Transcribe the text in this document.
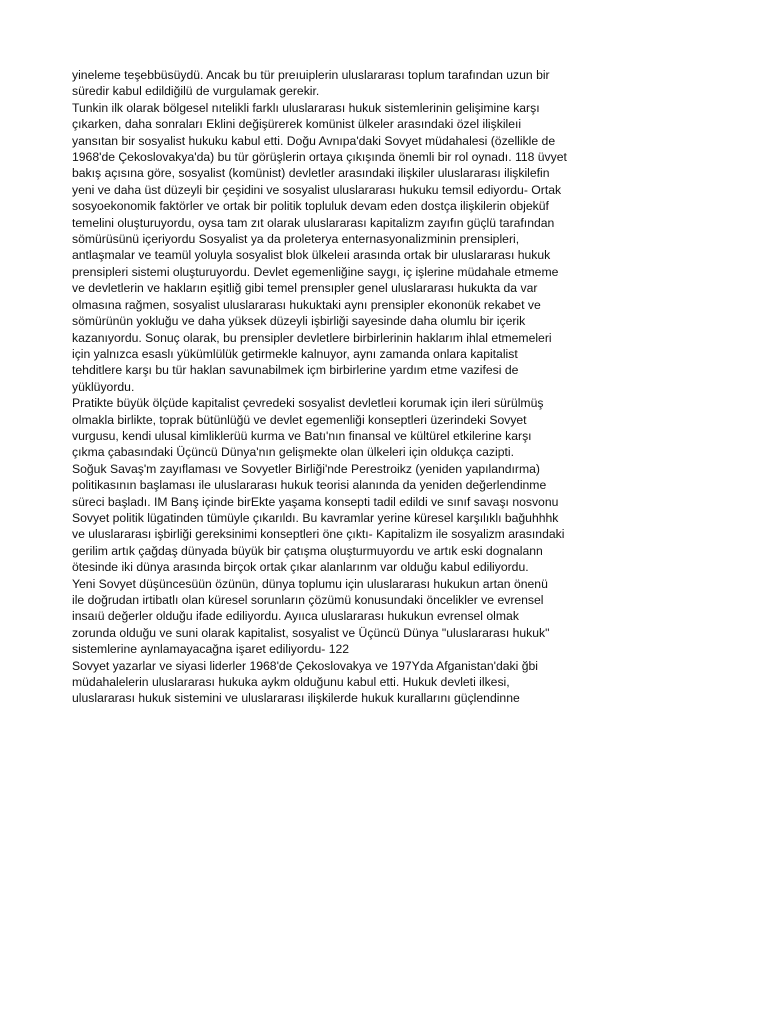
yineleme teşebbüsüydü. Ancak bu tür preıuiplerin uluslararası toplum tarafından uzun bir
süredir kabul edildiğilü de vurgulamak gerekir.
Tunkin ilk olarak bölgesel nıtelikli farklı uluslararası hukuk sistemlerinin gelişimine karşı
çıkarken, daha sonraları Eklini değişürerek komünist ülkeler arasındaki özel ilişkileıi
yansıtan bir sosyalist hukuku kabul etti. Doğu Avnıpa'daki Sovyet müdahalesi (özellikle de
1968'de Çekoslovakya'da) bu tür görüşlerin ortaya çıkışında önemli bir rol oynadı. 118 üvyet
bakış açısına göre, sosyalist (komünist) devletler arasındaki ilişkiler uluslararası ilişkilefin
yeni ve daha üst düzeyli bir çeşidini ve sosyalist uluslararası hukuku temsil ediyordu- Ortak
sosyoekonomik faktörler ve ortak bir politik topluluk devam eden dostça ilişkilerin objeküf
temelini oluşturuyordu, oysa tam zıt olarak uluslararası kapitalizm zayıfın güçlü tarafından
sömürüsünü içeriyordu Sosyalist ya da proleterya enternasyonalizminin prensipleri,
antlaşmalar ve teamül yoluyla sosyalist blok ülkeleıi arasında ortak bir uluslararası hukuk
prensipleri sistemi oluşturuyordu. Devlet egemenliğine saygı, iç işlerine müdahale etmeme
ve devletlerin ve hakların eşitliğ gibi temel prensıpler genel uluslararası hukukta da var
olmasına rağmen, sosyalist uluslararası hukuktaki aynı prensipler ekononük rekabet ve
sömürünün yokluğu ve daha yüksek düzeyli işbirliği sayesinde daha olumlu bir içerik
kazanıyordu. Sonuç olarak, bu prensipler devletlere birbirlerinin haklarım ihlal etmemeleri
için yalnızca esaslı yükümlülük getirmekle kalnuyor, aynı zamanda onlara kapitalist
tehditlere karşı bu tür haklan savunabilmek içm birbirlerine yardım etme vazifesi de
yüklüyordu.
Pratikte büyük ölçüde kapitalist çevredeki sosyalist devletleıi korumak için ileri sürülmüş
olmakla birlikte, toprak bütünlüğü ve devlet egemenliği konseptleri üzerindeki Sovyet
vurgusu, kendi ulusal kimliklerüü kurma ve Batı'nın finansal ve kültürel etkilerine karşı
çıkma çabasındaki Üçüncü Dünya'nın gelişmekte olan ülkeleri için oldukça cazipti.
Soğuk Savaş'm zayıflaması ve Sovyetler Birliği'nde Perestroikz (yeniden yapılandırma)
politikasının başlaması ile uluslararası hukuk teorisi alanında da yeniden değerlendinme
süreci başladı. IM Banş içinde birEkte yaşama konsepti tadil edildi ve sınıf savaşı nosvonu
Sovyet politik lügatinden tümüyle çıkarıldı. Bu kavramlar yerine küresel karşılıklı bağuhhhk
ve uluslararası işbirliği gereksinimi konseptleri öne çıktı- Kapitalizm ile sosyalizm arasındaki
gerilim artık çağdaş dünyada büyük bir çatışma oluşturmuyordu ve artık eski dognalann
ötesinde iki dünya arasında birçok ortak çıkar alanlarınm var olduğu kabul ediliyordu.
Yeni Sovyet düşüncesüün özünün, dünya toplumu için uluslararası hukukun artan önenü
ile doğrudan irtibatlı olan küresel sorunların çözümü konusundaki öncelikler ve evrensel
insaıü değerler olduğu ifade ediliyordu. Ayııca uluslararası hukukun evrensel olmak
zorunda olduğu ve suni olarak kapitalist, sosyalist ve Üçüncü Dünya "uluslararası hukuk"
sistemlerine aynlamayacağna işaret ediliyordu- 122
Sovyet yazarlar ve siyasi liderler 1968'de Çekoslovakya ve 197Yda Afganistan'daki ğbi
müdahalelerin uluslararası hukuka aykm olduğunu kabul etti. Hukuk devleti ilkesi,
uluslararası hukuk sistemini ve uluslararası ilişkilerde hukuk kurallarını güçlendinne
